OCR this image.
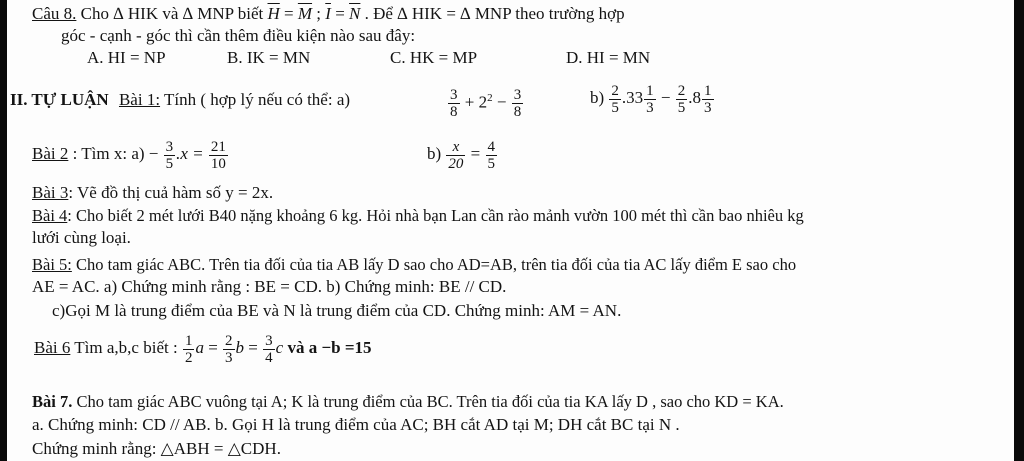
Câu 8. Cho ∆ HIK và ∆ MNP biết $\overline{H} = \overline{M}$ ; $\overline{I} = \overline{N}$ . Để ∆ HIK = ∆ MNP theo trường hợp
góc - cạnh - góc thì cần thêm điều kiện nào sau đây:
A. HI = NP	B. IK = MN	C. HK = MP	D. HI = MN
II. TỰ LUẬN Bài 1: Tính ( hợp lý nếu có thể: a)	$\frac{3}{8} + 2^2 - \frac{3}{8}$	$b) \frac{2}{5} .33 \frac{1}{3} - \frac{2}{5} .8 \frac{1}{3}$
Bài 2 : Tìm x: $a) - \frac{3}{5} .x = \frac{21}{10}$	$b) \frac{x}{20} = \frac{4}{5}$
Bài 3: Vẽ đồ thị cuả hàm số y = 2x.
Bài 4: Cho biết 2 mét lưới B40 nặng khoảng 6 kg. Hỏi nhà bạn Lan cần rào mảnh vườn 100 mét thì cần bao nhiêu kg
lưới cùng loại.
Bài 5: Cho tam giác ABC. Trên tia đối của tia AB lấy D sao cho AD=AB, trên tia đối của tia AC lấy điểm E sao cho
AE = AC. a) Chứng minh rằng : BE = CD. b) Chứng minh: BE // CD.
c)Gọi M là trung điểm của BE và N là trung điểm của CD. Chứng minh: AM = AN.
Bài 6 Tìm a,b,c biết : $\frac{1}{2}$ $a = \frac{2}{3}$ $b = \frac{3}{4}$ c và a −b =15
Bài 7. Cho tam giác ABC vuông tại A; K là trung điểm của BC. Trên tia đối của tia KA lấy D , sao cho KD = KA.
a. Chứng minh: CD // AB. b. Gọi H là trung điểm của AC; BH cắt AD tại M; DH cắt BC tại N .
Chứng minh rằng: △ABH = △CDH.
